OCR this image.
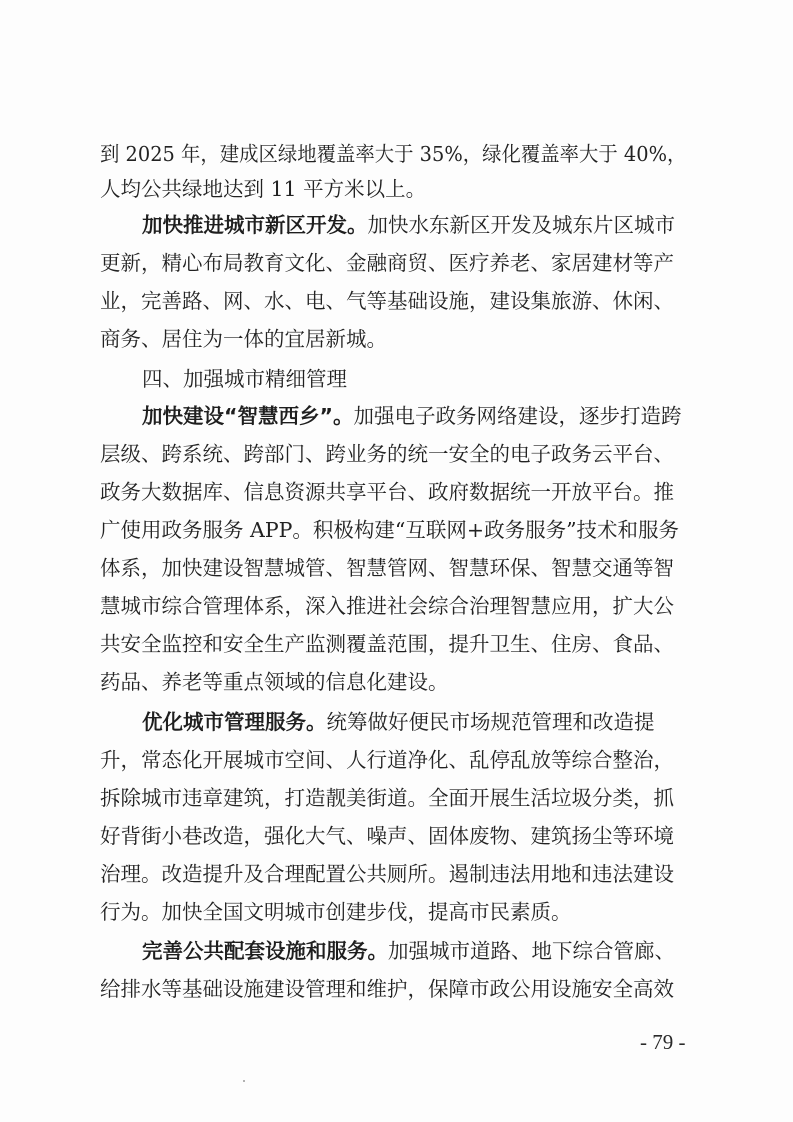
到 2025 年，建成区绿地覆盖率大于 35%，绿化覆盖率大于 40%，
人均公共绿地达到 11 平方米以上。
加快推进城市新区开发。加快水东新区开发及城东片区城市
更新，精心布局教育文化、金融商贸、医疗养老、家居建材等产
业，完善路、网、水、电、气等基础设施，建设集旅游、休闲、
商务、居住为一体的宜居新城。
四、加强城市精细管理
加快建设“智慧西乡”。加强电子政务网络建设，逐步打造跨
层级、跨系统、跨部门、跨业务的统一安全的电子政务云平台、
政务大数据库、信息资源共享平台、政府数据统一开放平台。推
广使用政务服务 APP。积极构建“互联网+政务服务”技术和服务
体系，加快建设智慧城管、智慧管网、智慧环保、智慧交通等智
慧城市综合管理体系，深入推进社会综合治理智慧应用，扩大公
共安全监控和安全生产监测覆盖范围，提升卫生、住房、食品、
药品、养老等重点领域的信息化建设。
优化城市管理服务。统筹做好便民市场规范管理和改造提
升，常态化开展城市空间、人行道净化、乱停乱放等综合整治，
拆除城市违章建筑，打造靓美街道。全面开展生活垃圾分类，抓
好背街小巷改造，强化大气、噪声、固体废物、建筑扬尘等环境
治理。改造提升及合理配置公共厕所。遏制违法用地和违法建设
行为。加快全国文明城市创建步伐，提高市民素质。
完善公共配套设施和服务。加强城市道路、地下综合管廊、
给排水等基础设施建设管理和维护，保障市政公用设施安全高效
- 79 -
